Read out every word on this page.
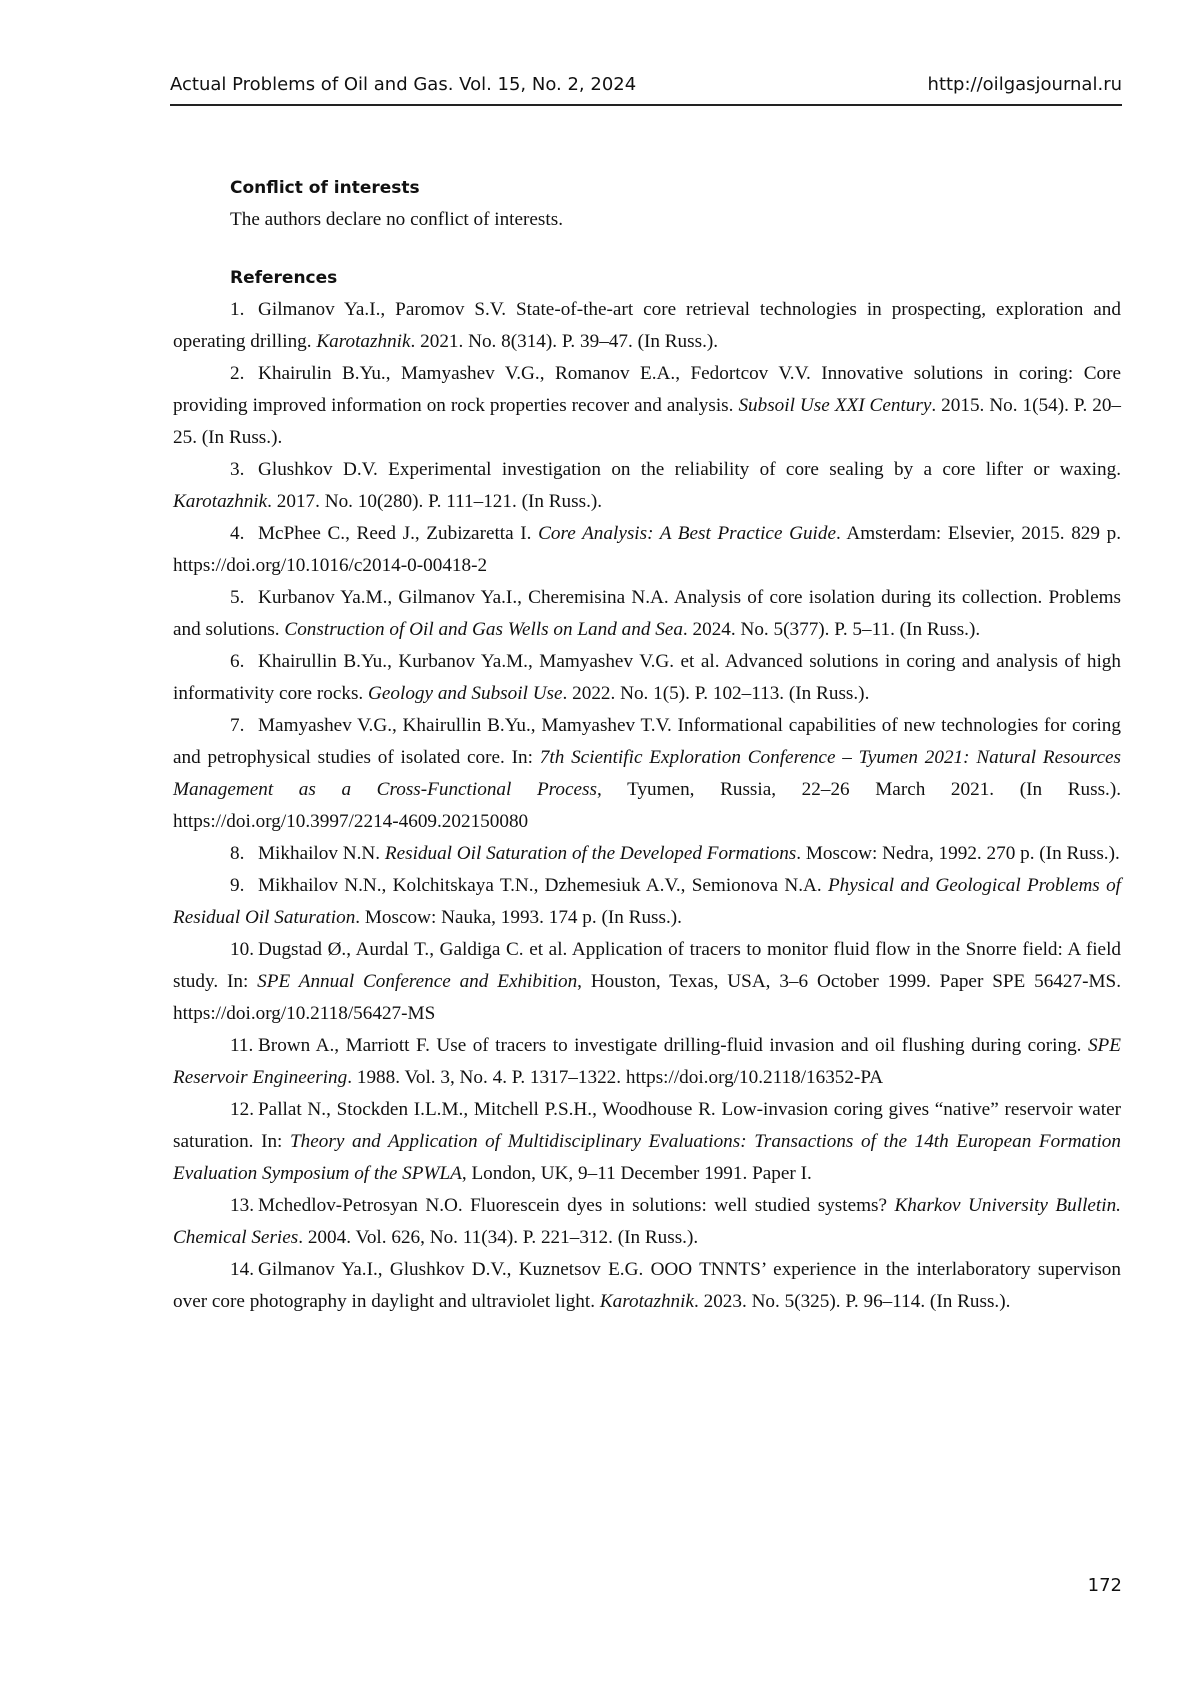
Actual Problems of Oil and Gas. Vol. 15, No. 2, 2024	http://oilgasjournal.ru
Conflict of interests

The authors declare no conflict of interests.

References
1. Gilmanov Ya.I., Paromov S.V. State-of-the-art core retrieval technologies in prospecting, exploration and operating drilling. Karotazhnik. 2021. No. 8(314). P. 39–47. (In Russ.).
2. Khairulin B.Yu., Mamyashev V.G., Romanov E.A., Fedortcov V.V. Innovative solutions in coring: Core providing improved information on rock properties recover and analysis. Subsoil Use XXI Century. 2015. No. 1(54). P. 20–25. (In Russ.).
3. Glushkov D.V. Experimental investigation on the reliability of core sealing by a core lifter or waxing. Karotazhnik. 2017. No. 10(280). P. 111–121. (In Russ.).
4. McPhee C., Reed J., Zubizaretta I. Core Analysis: A Best Practice Guide. Amsterdam: Elsevier, 2015. 829 p. https://doi.org/10.1016/c2014-0-00418-2
5. Kurbanov Ya.M., Gilmanov Ya.I., Cheremisina N.A. Analysis of core isolation during its collection. Problems and solutions. Construction of Oil and Gas Wells on Land and Sea. 2024. No. 5(377). P. 5–11. (In Russ.).
6. Khairullin B.Yu., Kurbanov Ya.M., Mamyashev V.G. et al. Advanced solutions in coring and analysis of high informativity core rocks. Geology and Subsoil Use. 2022. No. 1(5). P. 102–113. (In Russ.).
7. Mamyashev V.G., Khairullin B.Yu., Mamyashev T.V. Informational capabilities of new technologies for coring and petrophysical studies of isolated core. In: 7th Scientific Exploration Conference – Tyumen 2021: Natural Resources Management as a Cross-Functional Process, Tyumen, Russia, 22–26 March 2021. (In Russ.). https://doi.org/10.3997/2214-4609.202150080
8. Mikhailov N.N. Residual Oil Saturation of the Developed Formations. Moscow: Nedra, 1992. 270 p. (In Russ.).
9. Mikhailov N.N., Kolchitskaya T.N., Dzhemesiuk A.V., Semionova N.A. Physical and Geological Problems of Residual Oil Saturation. Moscow: Nauka, 1993. 174 p. (In Russ.).
10. Dugstad Ø., Aurdal T., Galdiga C. et al. Application of tracers to monitor fluid flow in the Snorre field: A field study. In: SPE Annual Conference and Exhibition, Houston, Texas, USA, 3–6 October 1999. Paper SPE 56427-MS. https://doi.org/10.2118/56427-MS
11. Brown A., Marriott F. Use of tracers to investigate drilling-fluid invasion and oil flushing during coring. SPE Reservoir Engineering. 1988. Vol. 3, No. 4. P. 1317–1322. https://doi.org/10.2118/16352-PA
12. Pallat N., Stockden I.L.M., Mitchell P.S.H., Woodhouse R. Low-invasion coring gives “native” reservoir water saturation. In: Theory and Application of Multidisciplinary Evaluations: Transactions of the 14th European Formation Evaluation Symposium of the SPWLA, London, UK, 9–11 December 1991. Paper I.
13. Mchedlov-Petrosyan N.O. Fluorescein dyes in solutions: well studied systems? Kharkov University Bulletin. Chemical Series. 2004. Vol. 626, No. 11(34). P. 221–312. (In Russ.).
14. Gilmanov Ya.I., Glushkov D.V., Kuznetsov E.G. OOO TNNTS’ experience in the interlaboratory supervison over core photography in daylight and ultraviolet light. Karotazhnik. 2023. No. 5(325). P. 96–114. (In Russ.).
172
